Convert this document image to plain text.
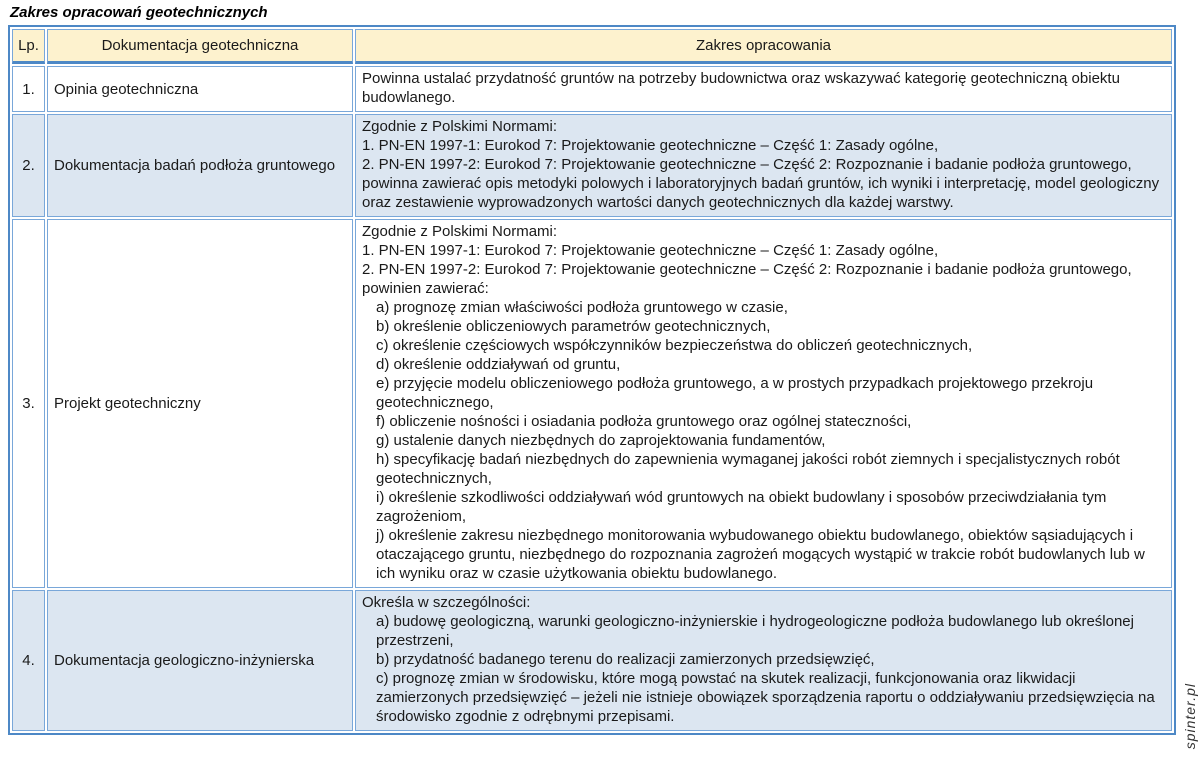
Zakres opracowań geotechnicznych
Lp.	Dokumentacja geotechniczna	Zakres opracowania
1.	Opinia geotechniczna	Powinna ustalać przydatność gruntów na potrzeby budownictwa oraz wskazywać kategorię geotechniczną obiektu budowlanego.

2.	Dokumentacja badań podłoża gruntowego	Zgodnie z Polskimi Normami:
1. PN-EN 1997-1: Eurokod 7: Projektowanie geotechniczne – Część 1: Zasady ogólne,
2. PN-EN 1997-2: Eurokod 7: Projektowanie geotechniczne – Część 2: Rozpoznanie i badanie podłoża gruntowego,
powinna zawierać opis metodyki polowych i laboratoryjnych badań gruntów, ich wyniki i interpretację, model geologiczny oraz zestawienie wyprowadzonych wartości danych geotechnicznych dla każdej warstwy.

3.	Projekt geotechniczny	
Zgodnie z Polskimi Normami:
1. PN-EN 1997-1: Eurokod 7: Projektowanie geotechniczne – Część 1: Zasady ogólne,
2. PN-EN 1997-2: Eurokod 7: Projektowanie geotechniczne – Część 2: Rozpoznanie i badanie podłoża gruntowego,
powinien zawierać:
a) prognozę zmian właściwości podłoża gruntowego w czasie,
b) określenie obliczeniowych parametrów geotechnicznych,
c) określenie częściowych współczynników bezpieczeństwa do obliczeń geotechnicznych,
d) określenie oddziaływań od gruntu,
e) przyjęcie modelu obliczeniowego podłoża gruntowego, a w prostych przypadkach projektowego przekroju geotechnicznego,
f) obliczenie nośności i osiadania podłoża gruntowego oraz ogólnej stateczności,
g) ustalenie danych niezbędnych do zaprojektowania fundamentów,
h) specyfikację badań niezbędnych do zapewnienia wymaganej jakości robót ziemnych i specjalistycznych robót geotechnicznych,
i) określenie szkodliwości oddziaływań wód gruntowych na obiekt budowlany i sposobów przeciwdziałania tym zagrożeniom,
j) określenie zakresu niezbędnego monitorowania wybudowanego obiektu budowlanego, obiektów sąsiadujących i otaczającego gruntu, niezbędnego do rozpoznania zagrożeń mogących wystąpić w trakcie robót budowlanych lub w ich wyniku oraz w czasie użytkowania obiektu budowlanego.

4.	Dokumentacja geologiczno-inżynierska	Określa w szczególności:
a) budowę geologiczną, warunki geologiczno-inżynierskie i hydrogeologiczne podłoża budowlanego lub określonej przestrzeni,
b) przydatność badanego terenu do realizacji zamierzonych przedsięwzięć,
c) prognozę zmian w środowisku, które mogą powstać na skutek realizacji, funkcjonowania oraz likwidacji zamierzonych przedsięwzięć – jeżeli nie istnieje obowiązek sporządzenia raportu o oddziaływaniu przedsięwzięcia na środowisko zgodnie z odrębnymi przepisami.	spinter.pl
